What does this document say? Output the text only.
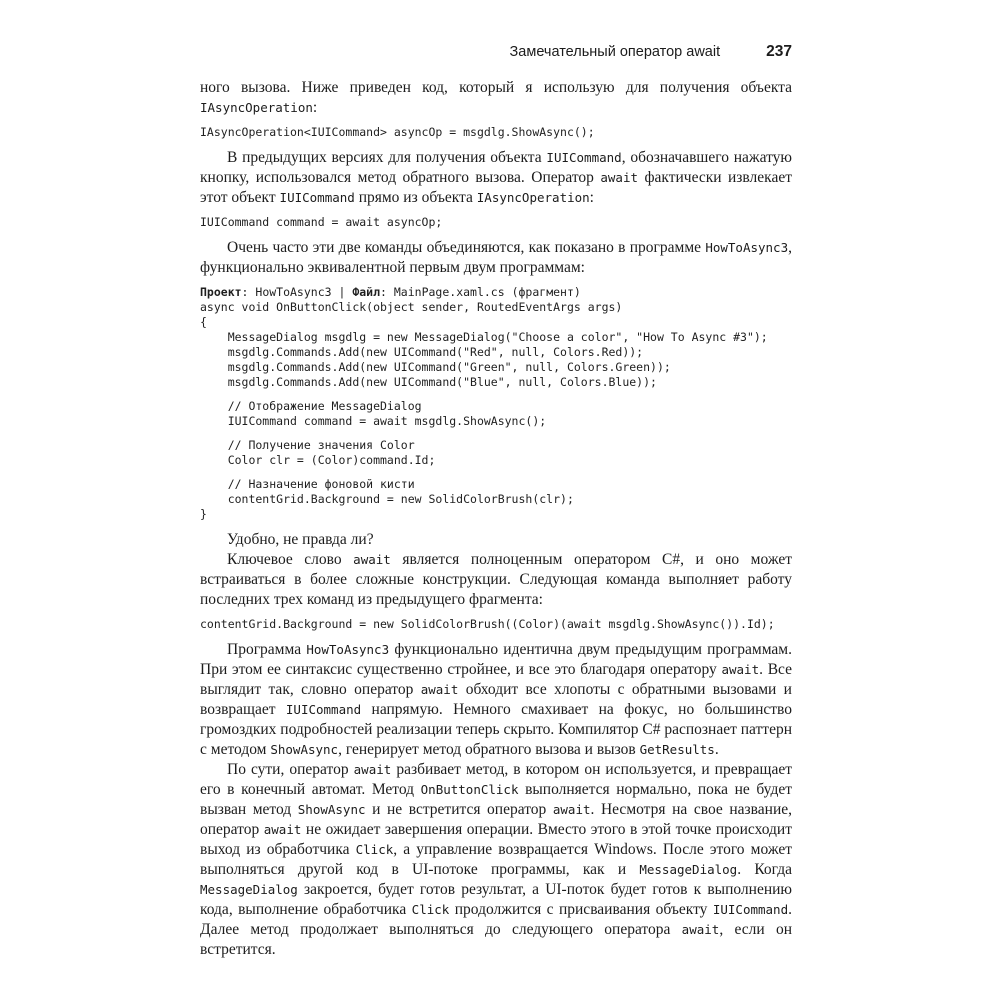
Замечательный оператор await	237

ного вызова. Ниже приведен код, который я использую для получения объекта IAsyncOperation:

IAsyncOperation<IUICommand> asyncOp = msgdlg.ShowAsync();

В предыдущих версиях для получения объекта IUICommand, обозначавшего нажатую кнопку, использовался метод обратного вызова. Оператор await фактически извлекает этот объект IUICommand прямо из объекта IAsyncOperation:

IUICommand command = await asyncOp;

Очень часто эти две команды объединяются, как показано в программе HowToAsync3, функционально эквивалентной первым двум программам:

Проект: HowToAsync3 | Файл: MainPage.xaml.cs (фрагмент)
async void OnButtonClick(object sender, RoutedEventArgs args)
{
MessageDialog msgdlg = new MessageDialog("Choose a color", "How To Async #3");
msgdlg.Commands.Add(new UICommand("Red", null, Colors.Red));
msgdlg.Commands.Add(new UICommand("Green", null, Colors.Green));
msgdlg.Commands.Add(new UICommand("Blue", null, Colors.Blue));
// Отображение MessageDialog
IUICommand command = await msgdlg.ShowAsync();
// Получение значения Color
Color clr = (Color)command.Id;
// Назначение фоновой кисти
contentGrid.Background = new SolidColorBrush(clr);
}

Удобно, не правда ли?

Ключевое слово await является полноценным оператором C#, и оно может встраиваться в более сложные конструкции. Следующая команда выполняет работу последних трех команд из предыдущего фрагмента:

contentGrid.Background = new SolidColorBrush((Color)(await msgdlg.ShowAsync()).Id);

Программа HowToAsync3 функционально идентична двум предыдущим программам. При этом ее синтаксис существенно стройнее, и все это благодаря оператору await. Все выглядит так, словно оператор await обходит все хлопоты с обратными вызовами и возвращает IUICommand напрямую. Немного смахивает на фокус, но большинство громоздких подробностей реализации теперь скрыто. Компилятор C# распознает паттерн с методом ShowAsync, генерирует метод обратного вызова и вызов GetResults.

По сути, оператор await разбивает метод, в котором он используется, и превращает его в конечный автомат. Метод OnButtonClick выполняется нормально, пока не будет вызван метод ShowAsync и не встретится оператор await. Несмотря на свое название, оператор await не ожидает завершения операции. Вместо этого в этой точке происходит выход из обработчика Click, а управление возвращается Windows. После этого может выполняться другой код в UI-потоке программы, как и MessageDialog. Когда MessageDialog закроется, будет готов результат, а UI-поток будет готов к выполнению кода, выполнение обработчика Click продолжится с присваивания объекту IUICommand. Далее метод продолжает выполняться до следующего оператора await, если он встретится.
